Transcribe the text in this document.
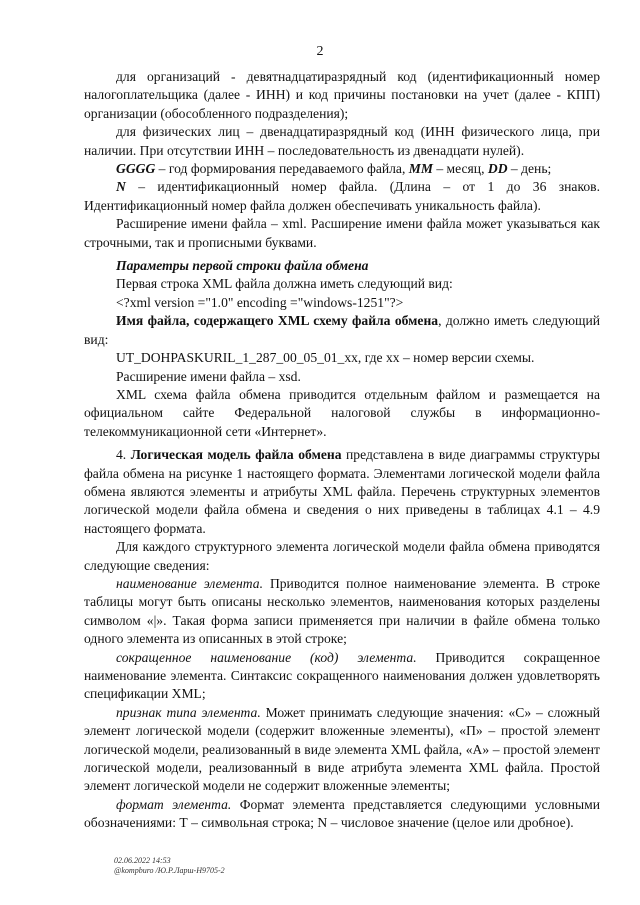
2

для организаций - девятнадцатиразрядный код (идентификационный номер налогоплательщика (далее - ИНН) и код причины постановки на учет (далее - КПП) организации (обособленного подразделения);

для физических лиц – двенадцатиразрядный код (ИНН физического лица, при наличии. При отсутствии ИНН – последовательность из двенадцати нулей).

GGGG – год формирования передаваемого файла, MM – месяц, DD – день;

N – идентификационный номер файла. (Длина – от 1 до 36 знаков. Идентификационный номер файла должен обеспечивать уникальность файла).

Расширение имени файла – xml. Расширение имени файла может указываться как строчными, так и прописными буквами.

Параметры первой строки файла обмена

Первая строка XML файла должна иметь следующий вид:

<?xml version ="1.0" encoding ="windows-1251"?>

Имя файла, содержащего XML схему файла обмена, должно иметь следующий вид:

UT_DOHPASKURIL_1_287_00_05_01_xx, где xx – номер версии схемы.

Расширение имени файла – xsd.

XML схема файла обмена приводится отдельным файлом и размещается на официальном сайте Федеральной налоговой службы в информационно-телекоммуникационной сети «Интернет».

4. Логическая модель файла обмена представлена в виде диаграммы структуры файла обмена на рисунке 1 настоящего формата. Элементами логической модели файла обмена являются элементы и атрибуты XML файла. Перечень структурных элементов логической модели файла обмена и сведения о них приведены в таблицах 4.1 – 4.9 настоящего формата.

Для каждого структурного элемента логической модели файла обмена приводятся следующие сведения:

наименование элемента. Приводится полное наименование элемента. В строке таблицы могут быть описаны несколько элементов, наименования которых разделены символом «|». Такая форма записи применяется при наличии в файле обмена только одного элемента из описанных в этой строке;

сокращенное наименование (код) элемента. Приводится сокращенное наименование элемента. Синтаксис сокращенного наименования должен удовлетворять спецификации XML;

признак типа элемента. Может принимать следующие значения: «С» – сложный элемент логической модели (содержит вложенные элементы), «П» – простой элемент логической модели, реализованный в виде элемента XML файла, «А» – простой элемент логической модели, реализованный в виде атрибута элемента XML файла. Простой элемент логической модели не содержит вложенные элементы;

формат элемента. Формат элемента представляется следующими условными обозначениями: Т – символьная строка; N – числовое значение (целое или дробное).

02.06.2022 14:53
@kompburo /Ю.Р.Ларш-Н9705-2
